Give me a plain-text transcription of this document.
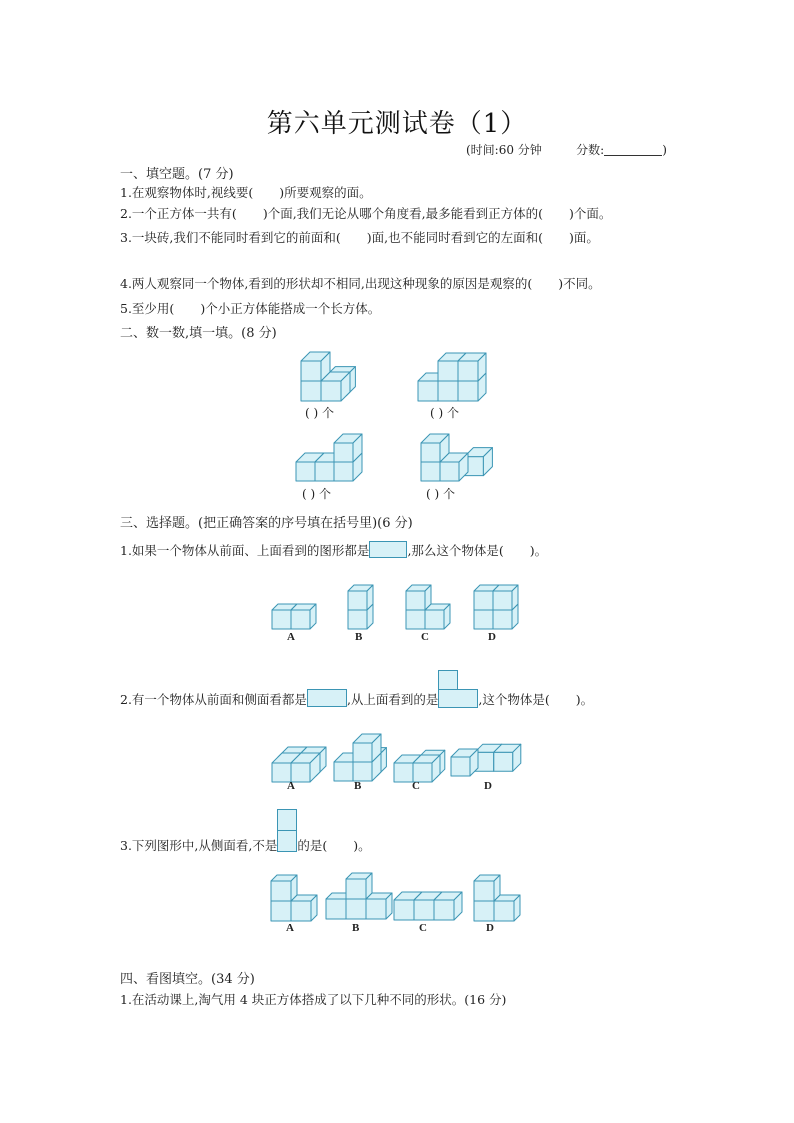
第六单元测试卷（1）
(时间:60 分钟	分数:	)
一、填空题。(7 分)
1.在观察物体时,视线要( )所要观察的面。
2.一个正方体一共有( )个面,我们无论从哪个角度看,最多能看到正方体的( )个面。
3.一块砖,我们不能同时看到它的前面和( )面,也不能同时看到它的左面和( )面。
4.两人观察同一个物体,看到的形状却不相同,出现这种现象的原因是观察的( )不同。
5.至少用( )个小正方体能搭成一个长方体。
二、数一数,填一填。(8 分)
( ) 个	( ) 个
( ) 个	( ) 个
三、选择题。(把正确答案的序号填在括号里)(6 分)
1.如果一个物体从前面、上面看到的图形都是	,那么这个物体是( )。
A	B	C	D
2.有一个物体从前面和侧面看都是	,从上面看到的是	,这个物体是( )。
A	B	C	D
3.下列图形中,从侧面看,不是 的是( )。
A	B	C	D
四、看图填空。(34 分)
1.在活动课上,淘气用 4 块正方体搭成了以下几种不同的形状。(16 分)
